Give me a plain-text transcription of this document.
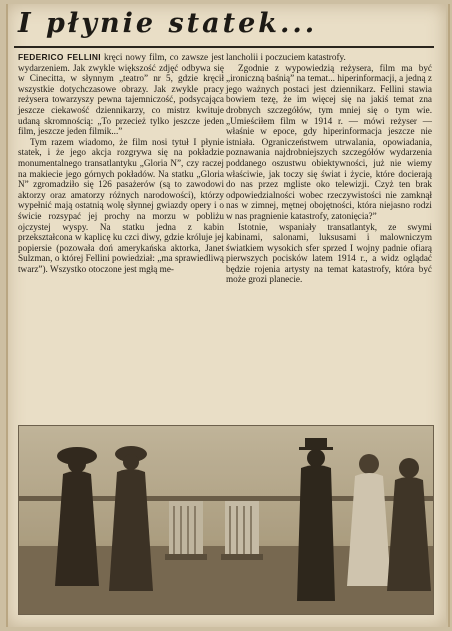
I płynie statek...

FEDERICO FELLINI kręci nowy film, co zawsze jest wydarzeniem. Jak zwykle większość zdjęć odbywa się w Cinecitta, w słynnym „teatro” nr 5, gdzie kręcił wszystkie dotychczasowe obrazy. Jak zwykle pracy reżysera towarzyszy pewna tajemniczość, podsycająca jeszcze ciekawość dziennikarzy, co mistrz kwituje udaną skromnością: „To przecież tylko jeszcze jeden film, jeszcze jeden filmik...”

Tym razem wiadomo, że film nosi tytuł I płynie statek, i że jego akcja rozgrywa się na pokładzie monumentalnego transatlantyku „Gloria N”, czy raczej na makiecie jego górnych pokładów. Na statku „Gloria N” zgromadziło się 126 pasażerów (są to zawodowi aktorzy oraz amatorzy różnych narodowości), którzy wypełnić mają ostatnią wolę słynnej gwiazdy opery i o świcie rozsypać jej prochy na morzu w pobliżu ojczystej wyspy. Na statku jedna z kabin przekształcona w kaplicę ku czci diwy, gdzie króluje jej popiersie (pozowała doń amerykańska aktorka, Janet Sulzman, o której Fellini powiedział: „ma sprawiedliwą twarz”). Wszystko otoczone jest mgłą me-

lancholii i poczuciem katastrofy.

Zgodnie z wypowiedzią reżysera, film ma być „ironiczną baśnią” na temat... hiperinformacji, a jedną z jego ważnych postaci jest dziennikarz. Fellini stawia bowiem tezę, że im więcej się na jakiś temat zna drobnych szczegółów, tym mniej się o tym wie. „Umieściłem film w 1914 r. — mówi reżyser — właśnie w epoce, gdy hiperinformacja jeszcze nie istniała. Ograniczeństwem utrwalania, opowiadania, poznawania najdrobniejszych szczegółów wydarzenia poddanego oszustwu obiektywności, już nie wiemy właściwie, jak toczy się świat i życie, które docierają do nas przez mgliste oko telewizji. Czyż ten brak odpowiedzialności wobec rzeczywistości nie zamknął nas w zimnej, mętnej obojętności, która niejasno rodzi w nas pragnienie katastrofy, zatonięcia?”

Istotnie, wspaniały transatlantyk, ze swymi kabinami, salonami, luksusami i malowniczym światkiem wysokich sfer sprzed I wojny padnie ofiarą pierwszych pocisków latem 1914 r., a widz oglądać będzie rojenia artysty na temat katastrofy, która być może grozi planecie.
